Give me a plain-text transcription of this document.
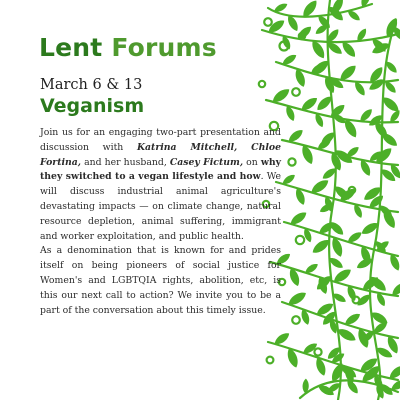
Lent Forums
March 6 & 13
Veganism

Join us for an engaging two-part presentation and discussion with Katrina Mitchell, Chloe Fortina, and her husband, Casey Fictum, on why they switched to a vegan lifestyle and how. We will discuss industrial animal agriculture's devastating impacts — on climate change, natural resource depletion, animal suffering, immigrant and worker exploitation, and public health.

As a denomination that is known for and prides itself on being pioneers of social justice for Women's and LGBTQIA rights, abolition, etc, is this our next call to action? We invite you to be a part of the conversation about this timely issue.
